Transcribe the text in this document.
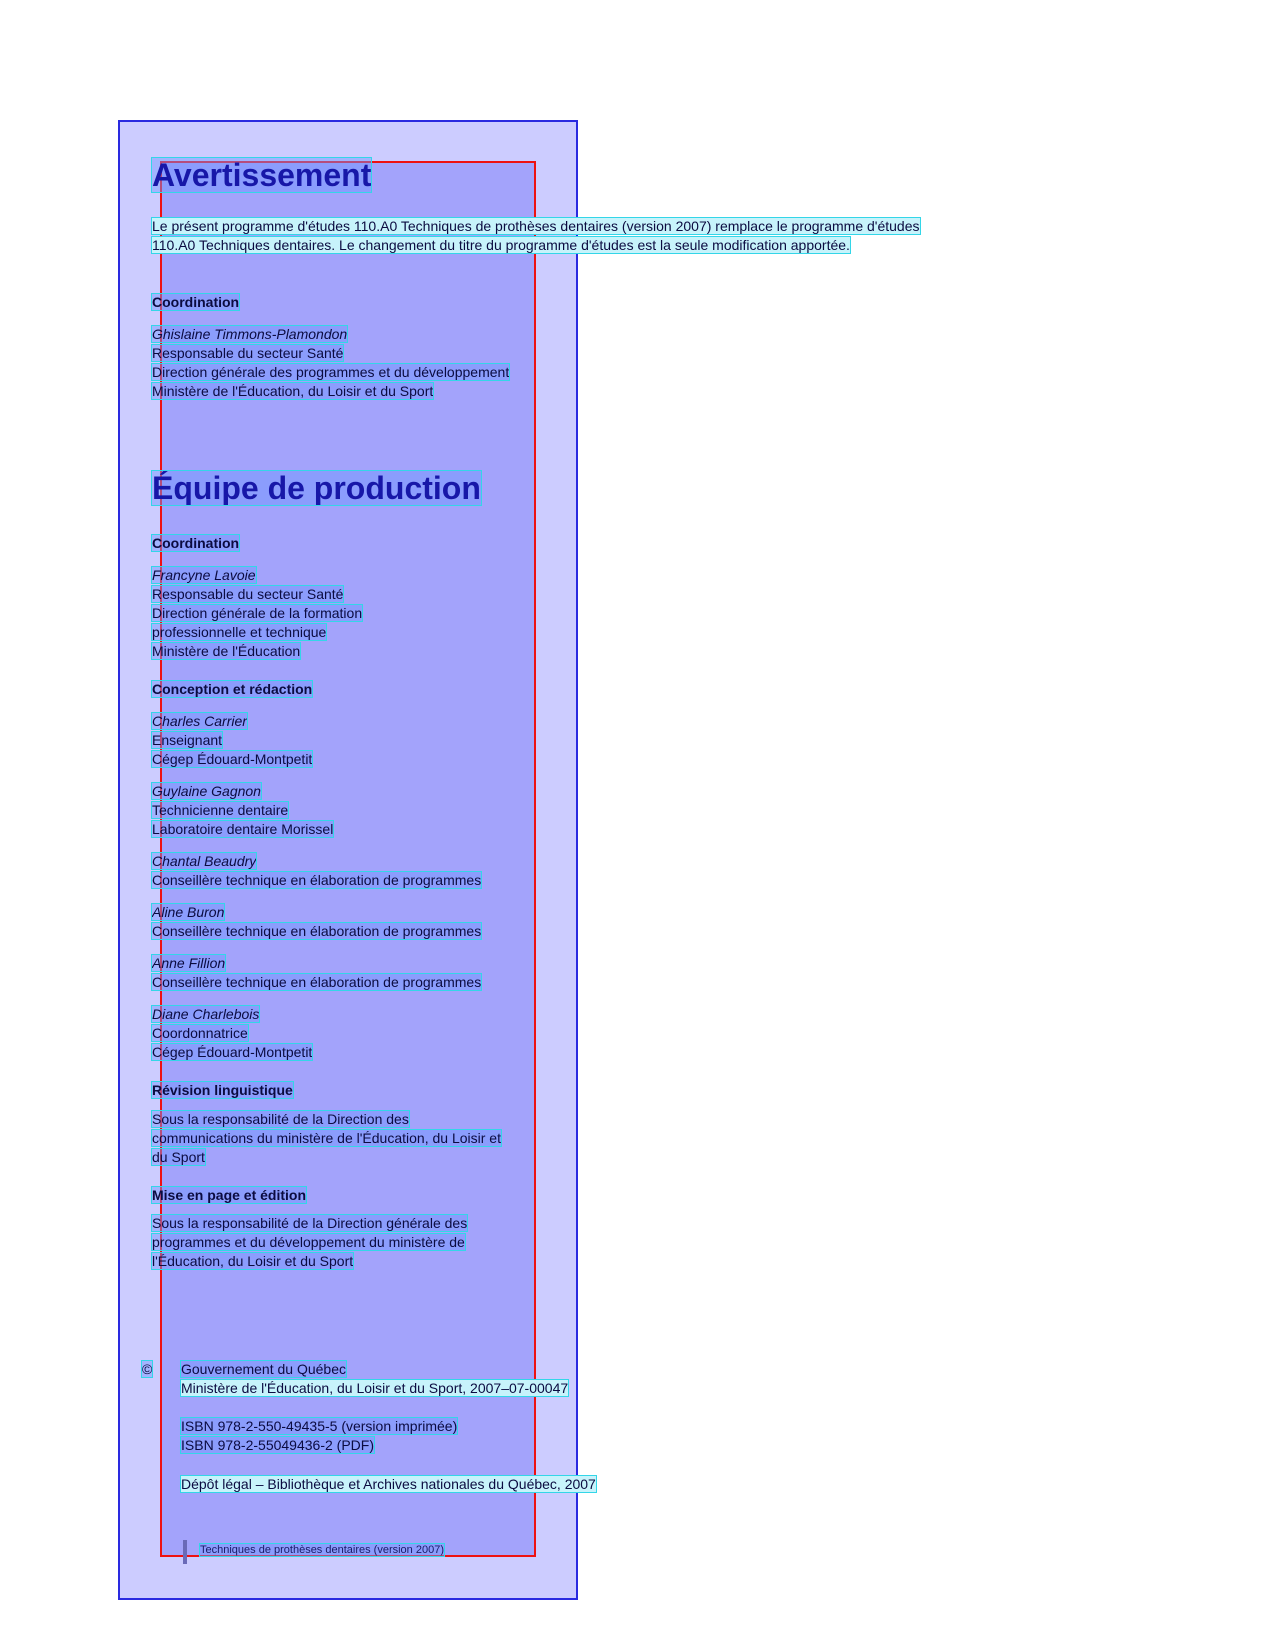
Avertissement

Le présent programme d'études 110.A0 Techniques de prothèses dentaires (version 2007) remplace le programme d'études

110.A0 Techniques dentaires. Le changement du titre du programme d'études est la seule modification apportée.

Coordination

Ghislaine Timmons-Plamondon

Responsable du secteur Santé

Direction générale des programmes et du développement

Ministère de l'Éducation, du Loisir et du Sport

Équipe de production
Coordination

Francyne Lavoie

Responsable du secteur Santé

Direction générale de la formation

professionnelle et technique

Ministère de l'Éducation

Conception et rédaction

Charles Carrier

Enseignant

Cégep Édouard-Montpetit

Guylaine Gagnon

Technicienne dentaire

Laboratoire dentaire Morissel

Chantal Beaudry

Conseillère technique en élaboration de programmes

Aline Buron

Conseillère technique en élaboration de programmes

Anne Fillion

Conseillère technique en élaboration de programmes

Diane Charlebois

Coordonnatrice

Cégep Édouard-Montpetit

Révision linguistique

Sous la responsabilité de la Direction des

communications du ministère de l'Éducation, du Loisir et

du Sport

Mise en page et édition

Sous la responsabilité de la Direction générale des

programmes et du développement du ministère de

l'Éducation, du Loisir et du Sport

© Gouvernement du Québec

Ministère de l'Éducation, du Loisir et du Sport, 2007–07-00047

ISBN 978-2-550-49435-5 (version imprimée)

ISBN 978-2-55049436-2 (PDF)

Dépôt légal – Bibliothèque et Archives nationales du Québec, 2007

Techniques de prothèses dentaires (version 2007)
